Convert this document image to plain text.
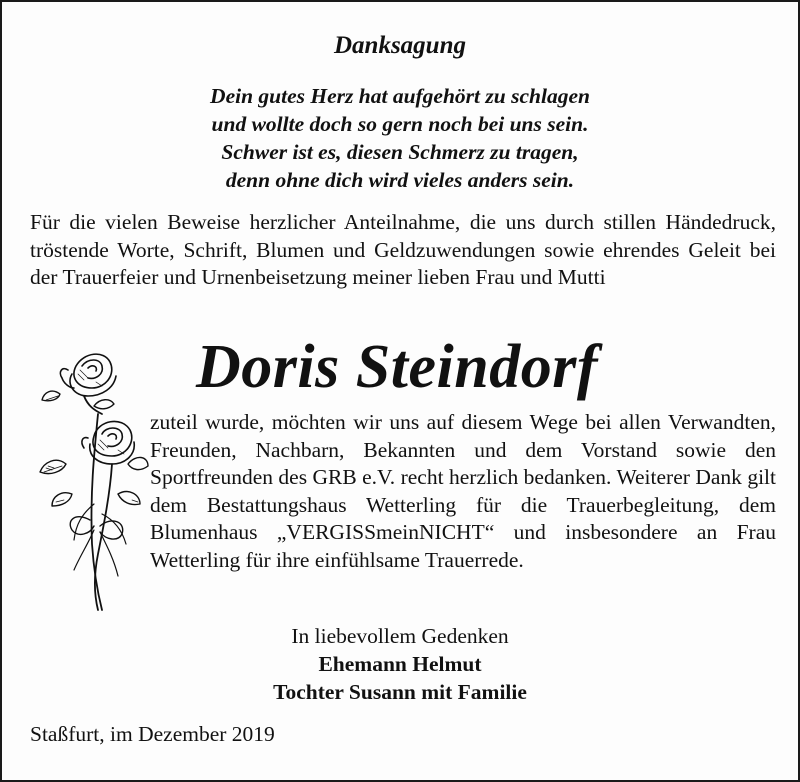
Danksagung
Dein gutes Herz hat aufgehört zu schlagen
und wollte doch so gern noch bei uns sein.
Schwer ist es, diesen Schmerz zu tragen,
denn ohne dich wird vieles anders sein.
Für die vielen Beweise herzlicher Anteilnahme, die uns durch stillen Händedruck, tröstende Worte, Schrift, Blumen und Geldzuwendungen sowie ehrendes Geleit bei der Trauerfeier und Urnenbeisetzung meiner lieben Frau und Mutti
Doris Steindorf
zuteil wurde, möchten wir uns auf diesem Wege bei allen Verwandten, Freunden, Nachbarn, Bekannten und dem Vorstand sowie den Sportfreunden des GRB e.V. recht herzlich bedanken. Weiterer Dank gilt dem Bestattungshaus Wetterling für die Trauerbegleitung, dem Blumenhaus „VERGISSmeinNICHT“ und insbesondere an Frau Wetterling für ihre einfühlsame Trauerrede.
In liebevollem Gedenken
Ehemann Helmut
Tochter Susann mit Familie
Staßfurt, im Dezember 2019
